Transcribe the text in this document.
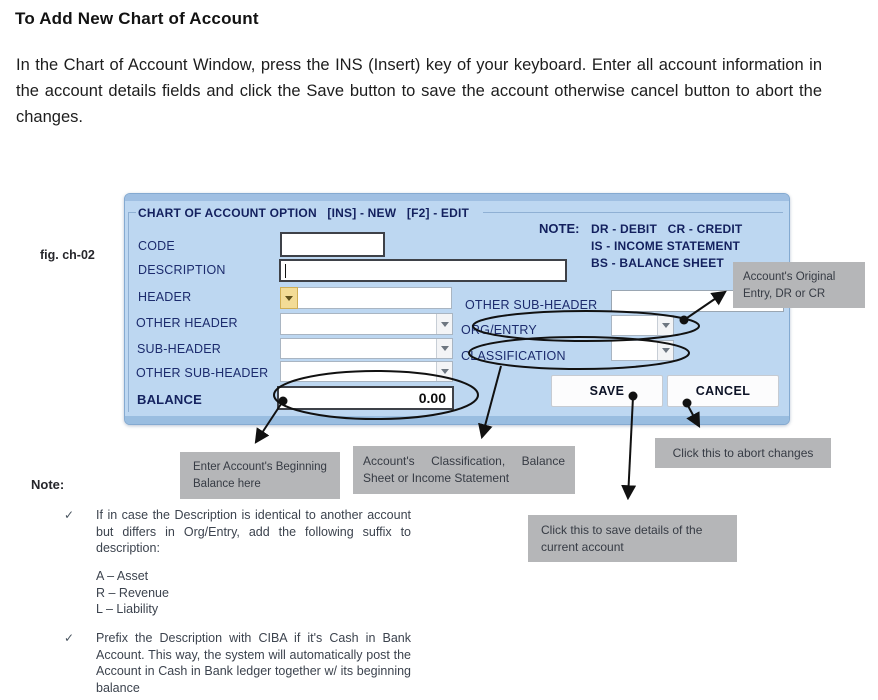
To Add New Chart of Account
In the Chart of Account Window, press the INS (Insert) key of your keyboard. Enter all account information in the account details fields and click the Save button to save the account otherwise cancel button to abort the changes.
fig. ch-02
CHART OF ACCOUNT OPTION   [INS] - NEW   [F2] - EDIT
CODE
DESCRIPTION
HEADER
OTHER HEADER
SUB-HEADER
OTHER SUB-HEADER
BALANCE	0.00
OTHER SUB-HEADER
ORG/ENTRY
CLASSIFICATION
NOTE: DR - DEBIT   CR - CREDIT
IS - INCOME STATEMENT
BS - BALANCE SHEET
SAVE	CANCEL
Account's Original Entry, DR or CR
Enter Account's Beginning Balance here
Account's Classification, Balance Sheet or Income Statement
Click this to abort changes
Click this to save details of the current account
Note:
✓ If in case the Description is identical to another account but differs in Org/Entry, add the following suffix to description:
A – Asset
R – Revenue
L – Liability
✓ Prefix the Description with CIBA if it's Cash in Bank Account. This way, the system will automatically post the Account in Cash in Bank ledger together w/ its beginning balance
